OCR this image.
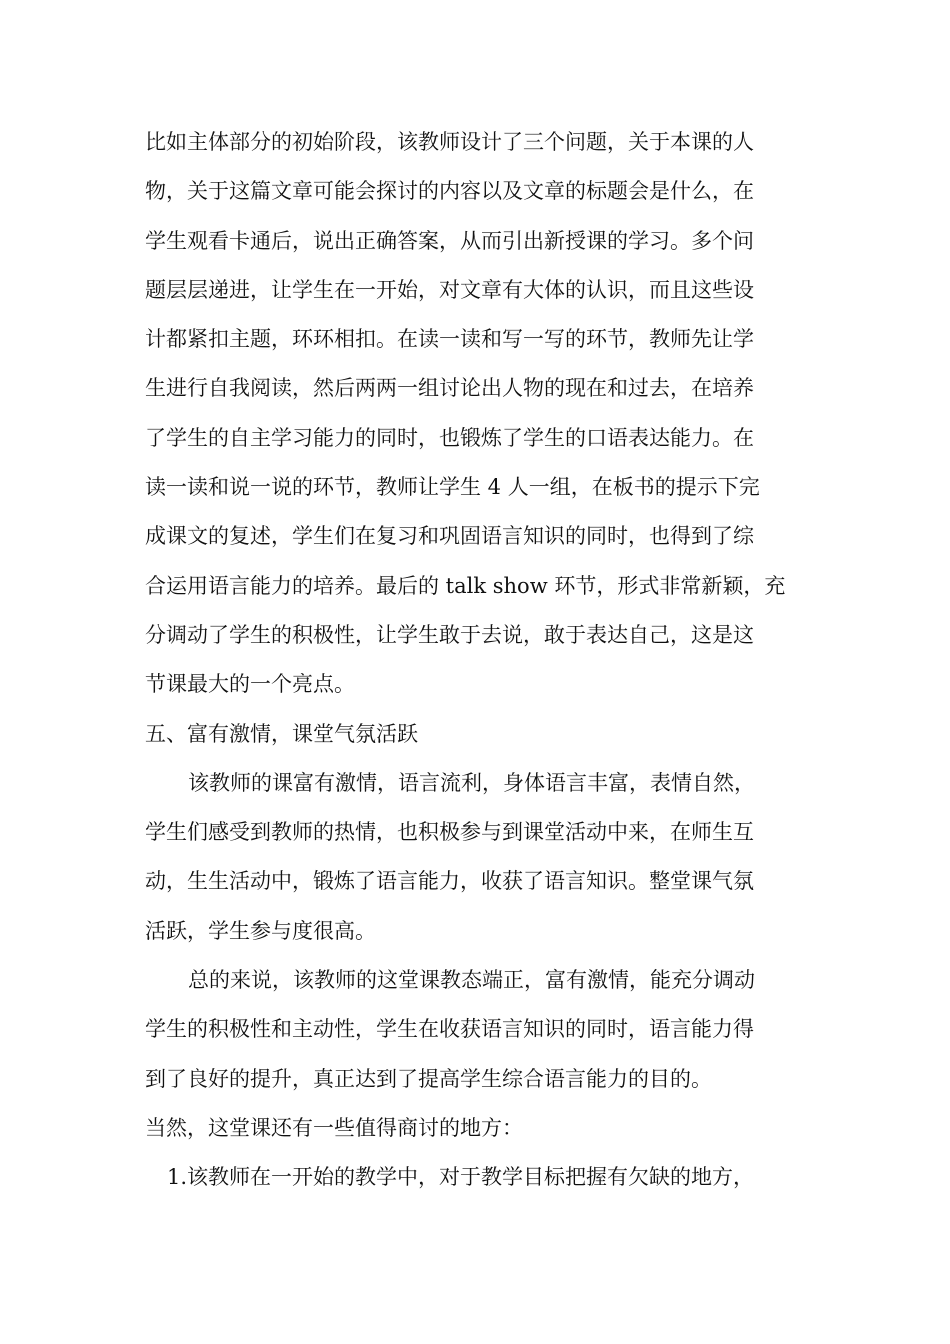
比如主体部分的初始阶段，该教师设计了三个问题，关于本课的人
物，关于这篇文章可能会探讨的内容以及文章的标题会是什么，在
学生观看卡通后，说出正确答案，从而引出新授课的学习。多个问
题层层递进，让学生在一开始，对文章有大体的认识，而且这些设
计都紧扣主题，环环相扣。在读一读和写一写的环节，教师先让学
生进行自我阅读，然后两两一组讨论出人物的现在和过去，在培养
了学生的自主学习能力的同时，也锻炼了学生的口语表达能力。在
读一读和说一说的环节，教师让学生 4 人一组，在板书的提示下完
成课文的复述，学生们在复习和巩固语言知识的同时，也得到了综
合运用语言能力的培养。最后的 talk show 环节，形式非常新颖，充
分调动了学生的积极性，让学生敢于去说，敢于表达自己，这是这
节课最大的一个亮点。
五、富有激情，课堂气氛活跃
该教师的课富有激情，语言流利，身体语言丰富，表情自然，
学生们感受到教师的热情，也积极参与到课堂活动中来，在师生互
动，生生活动中，锻炼了语言能力，收获了语言知识。整堂课气氛
活跃，学生参与度很高。
总的来说，该教师的这堂课教态端正，富有激情，能充分调动
学生的积极性和主动性，学生在收获语言知识的同时，语言能力得
到了良好的提升，真正达到了提高学生综合语言能力的目的。
当然，这堂课还有一些值得商讨的地方：
1.该教师在一开始的教学中，对于教学目标把握有欠缺的地方，
